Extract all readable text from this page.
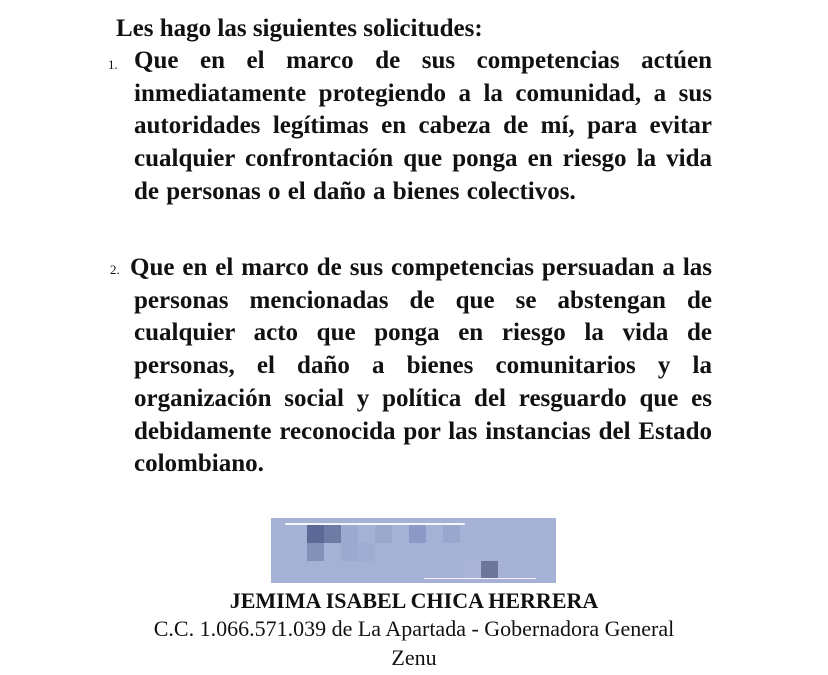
Les hago las siguientes solicitudes:
1. Que en el marco de sus competencias actúen inmediatamente protegiendo a la comunidad, a sus autoridades legítimas en cabeza de mí, para evitar cualquier confrontación que ponga en riesgo la vida de personas o el daño a bienes colectivos.
2. Que en el marco de sus competencias persuadan a las personas mencionadas de que se abstengan de cualquier acto que ponga en riesgo la vida de personas, el daño a bienes comunitarios y la organización social y política del resguardo que es debidamente reconocida por las instancias del Estado colombiano.
JEMIMA ISABEL CHICA HERRERA
C.C. 1.066.571.039 de La Apartada - Gobernadora General
Zenu
